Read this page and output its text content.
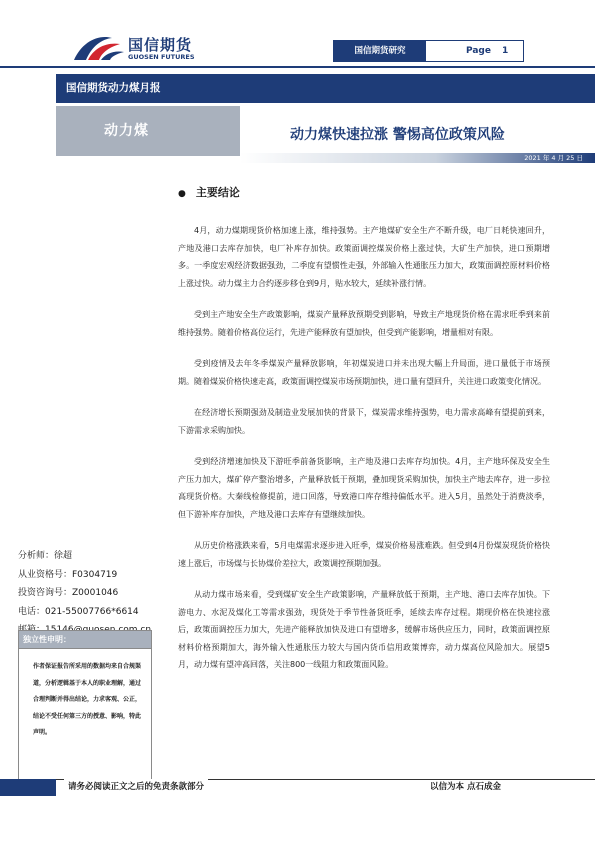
国信期货
GUOSEN FUTURES
国信期货研究	Page 1
国信期货动力煤月报
动力煤	动力煤快速拉涨 警惕高位政策风险
2021 年 4 月 25 日
● 主要结论

4月，动力煤期现货价格加速上涨，维持强势。主产地煤矿安全生产不断升级，电厂日耗快速回升，产地及港口去库存加快，电厂补库存加快。政策面调控煤炭价格上涨过快，大矿生产加快，进口预期增多。一季度宏观经济数据强劲，二季度有望惯性走强，外部输入性通胀压力加大，政策面调控原材料价格上涨过快。动力煤主力合约逐步移仓到9月，贴水较大，延续补涨行情。

受到主产地安全生产政策影响，煤炭产量释放预期受到影响，导致主产地现货价格在需求旺季到来前维持强势。随着价格高位运行，先进产能释放有望加快，但受到产能影响，增量相对有限。

受到疫情及去年冬季煤炭产量释放影响，年初煤炭进口并未出现大幅上升局面，进口量低于市场预期。随着煤炭价格快速走高，政策面调控煤炭市场预期加快，进口量有望回升，关注进口政策变化情况。

在经济增长预期强劲及制造业发展加快的背景下，煤炭需求维持强势，电力需求高峰有望提前到来，下游需求采购加快。

受到经济增速加快及下游旺季前备货影响，主产地及港口去库存均加快。4月，主产地环保及安全生产压力加大，煤矿停产整治增多，产量释放低于预期，叠加现货采购加快，加快主产地去库存，进一步拉高现货价格。大秦线检修提前，进口回落，导致港口库存维持偏低水平。进入5月，虽然处于消费淡季，但下游补库存加快，产地及港口去库存有望继续加快。

从历史价格涨跌来看，5月电煤需求逐步进入旺季，煤炭价格易涨难跌。但受到4月份煤炭现货价格快速上涨后，市场煤与长协煤价差拉大，政策调控预期加强。

从动力煤市场来看，受到煤矿安全生产政策影响，产量释放低于预期，主产地、港口去库存加快。下游电力、水泥及煤化工等需求强劲，现货处于季节性备货旺季，延续去库存过程。期现价格在快速拉涨后，政策面调控压力加大，先进产能释放加快及进口有望增多，缓解市场供应压力，同时，政策面调控原材料价格预期加大，海外输入性通胀压力较大与国内货币信用政策博弈，动力煤高位风险加大。展望5月，动力煤有望冲高回落，关注800一线阻力和政策面风险。

分析师：徐超
从业资格号：F0304719
投资咨询号：Z0001046
电话：021-55007766*6614
独立性申明：
作者保证报告所采用的数据均来自合规渠道，分析逻辑基于本人的职业理解，通过合理判断并得出结论，力求客观、公正，结论不受任何第三方的授意、影响，特此声明。
请务必阅读正文之后的免责条款部分	以信为本 点石成金
